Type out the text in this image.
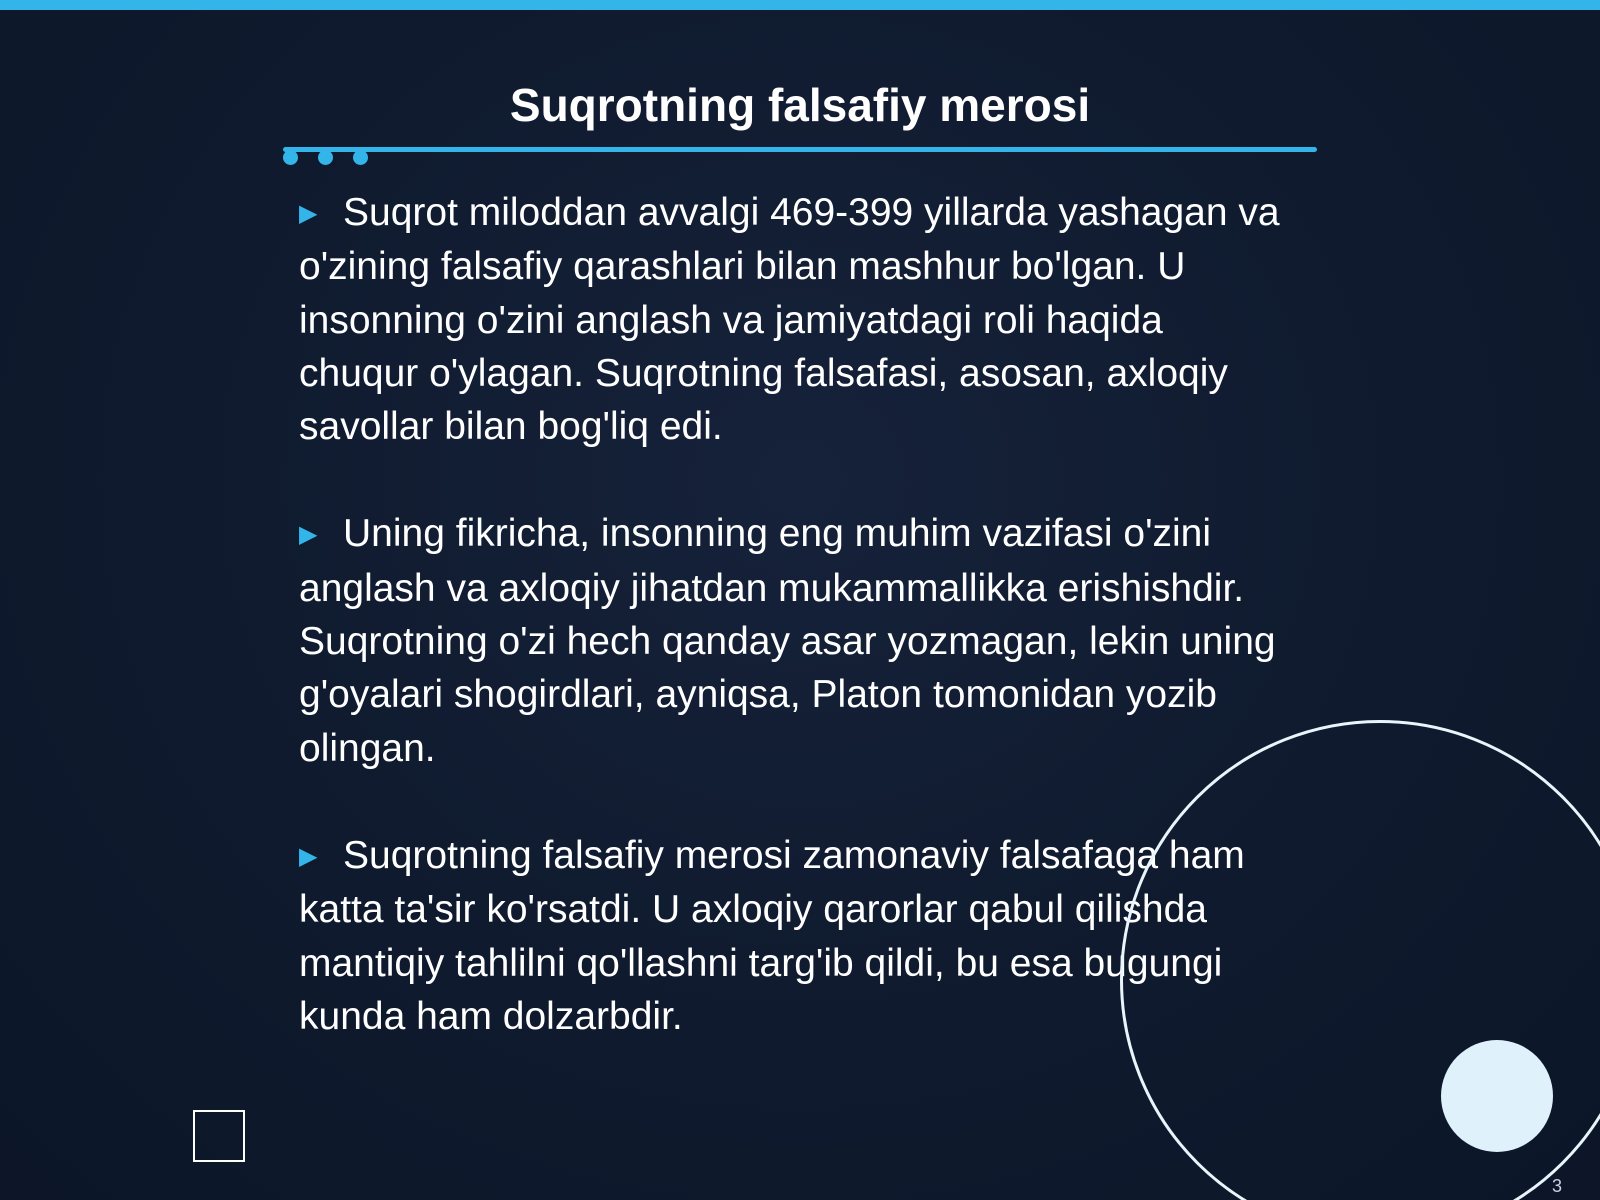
Suqrotning falsafiy merosi

▶ Suqrot miloddan avvalgi 469-399 yillarda yashagan va o'zining falsafiy qarashlari bilan mashhur bo'lgan. U insonning o'zini anglash va jamiyatdagi roli haqida chuqur o'ylagan. Suqrotning falsafasi, asosan, axloqiy savollar bilan bog'liq edi.

▶ Uning fikricha, insonning eng muhim vazifasi o'zini anglash va axloqiy jihatdan mukammallikka erishishdir. Suqrotning o'zi hech qanday asar yozmagan, lekin uning g'oyalari shogirdlari, ayniqsa, Platon tomonidan yozib olingan.

▶ Suqrotning falsafiy merosi zamonaviy falsafaga ham katta ta'sir ko'rsatdi. U axloqiy qarorlar qabul qilishda mantiqiy tahlilni qo'llashni targ'ib qildi, bu esa bugungi kunda ham dolzarbdir.

3
